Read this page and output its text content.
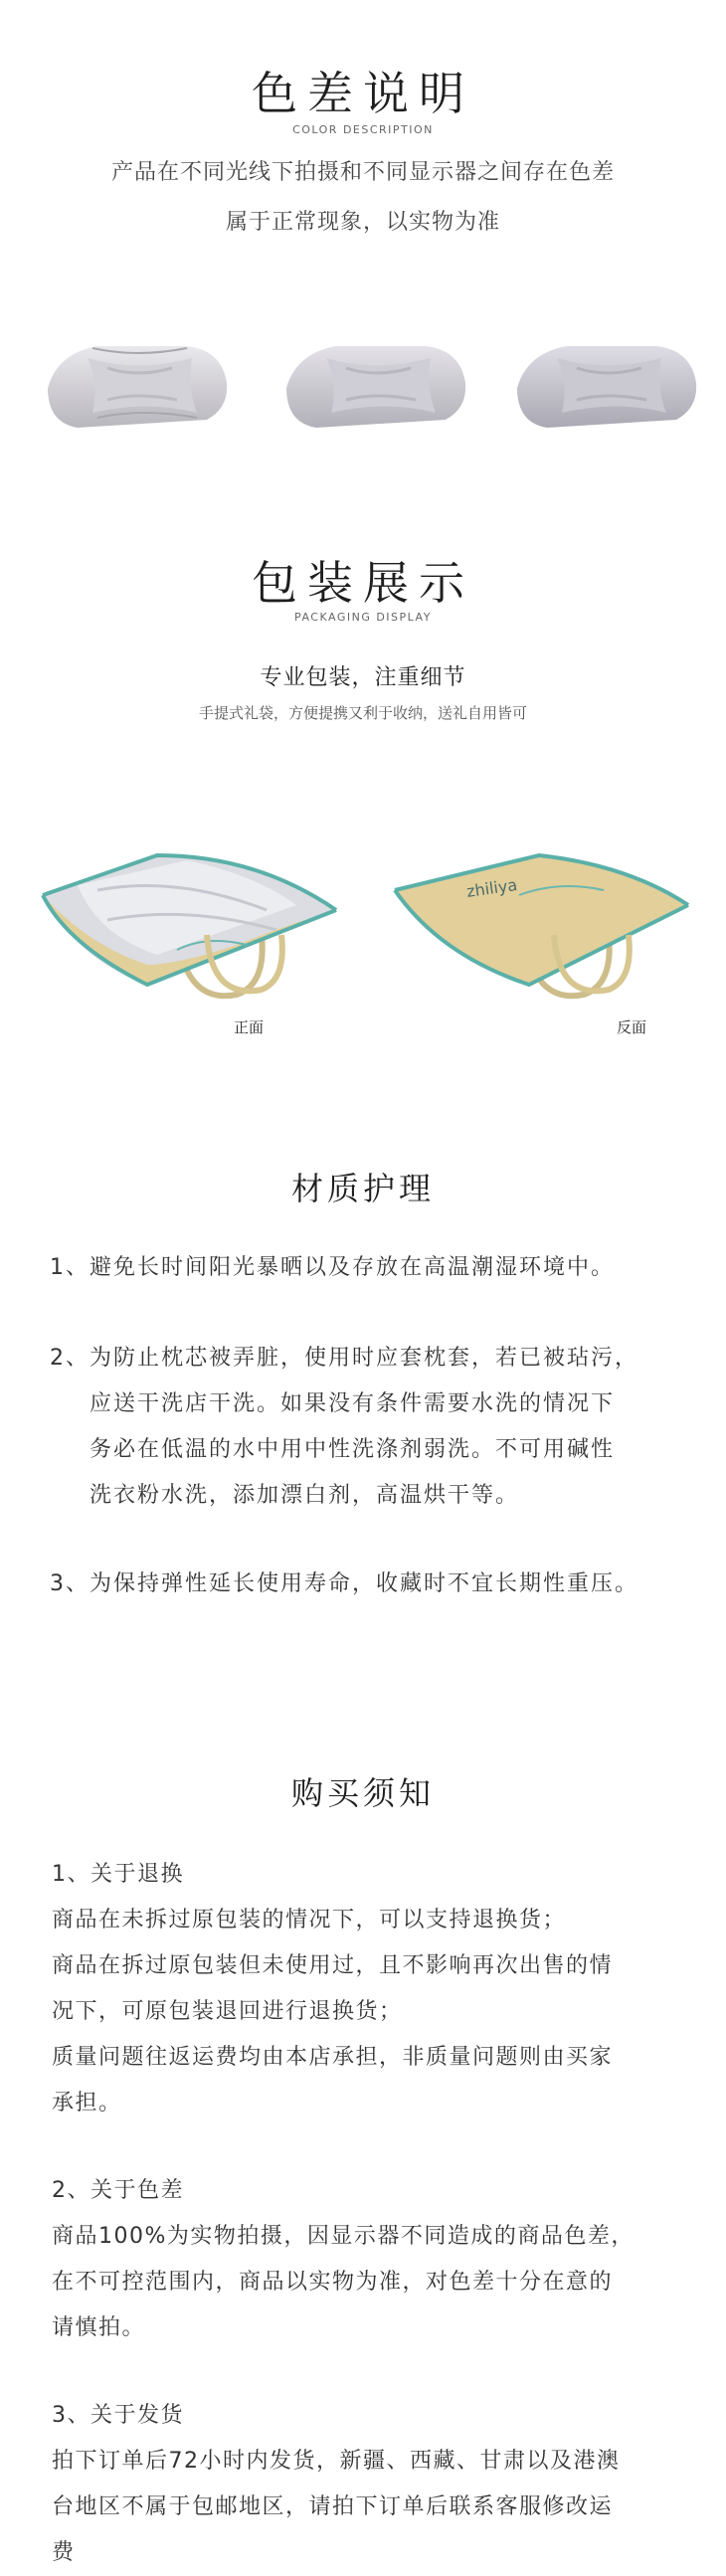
色差说明
COLOR DESCRIPTION
产品在不同光线下拍摄和不同显示器之间存在色差
属于正常现象，以实物为准
包装展示
PACKAGING DISPLAY
专业包装，注重细节
手提式礼袋，方便提携又利于收纳，送礼自用皆可
正面
zhiliya
反面
材质护理
1、 避免长时间阳光暴晒以及存放在高温潮湿环境中。
2、 为防止枕芯被弄脏，使用时应套枕套，若已被玷污，
应送干洗店干洗。如果没有条件需要水洗的情况下
务必在低温的水中用中性洗涤剂弱洗。不可用碱性
洗衣粉水洗，添加漂白剂，高温烘干等。
3、 为保持弹性延长使用寿命，收藏时不宜长期性重压。
购买须知
1、关于退换
商品在未拆过原包装的情况下，可以支持退换货；
商品在拆过原包装但未使用过，且不影响再次出售的情
况下，可原包装退回进行退换货；
质量问题往返运费均由本店承担，非质量问题则由买家
承担。
2、关于色差
商品100%为实物拍摄，因显示器不同造成的商品色差，
在不可控范围内，商品以实物为准，对色差十分在意的
请慎拍。
3、关于发货
拍下订单后72小时内发货，新疆、西藏、甘肃以及港澳
台地区不属于包邮地区，请拍下订单后联系客服修改运
费
